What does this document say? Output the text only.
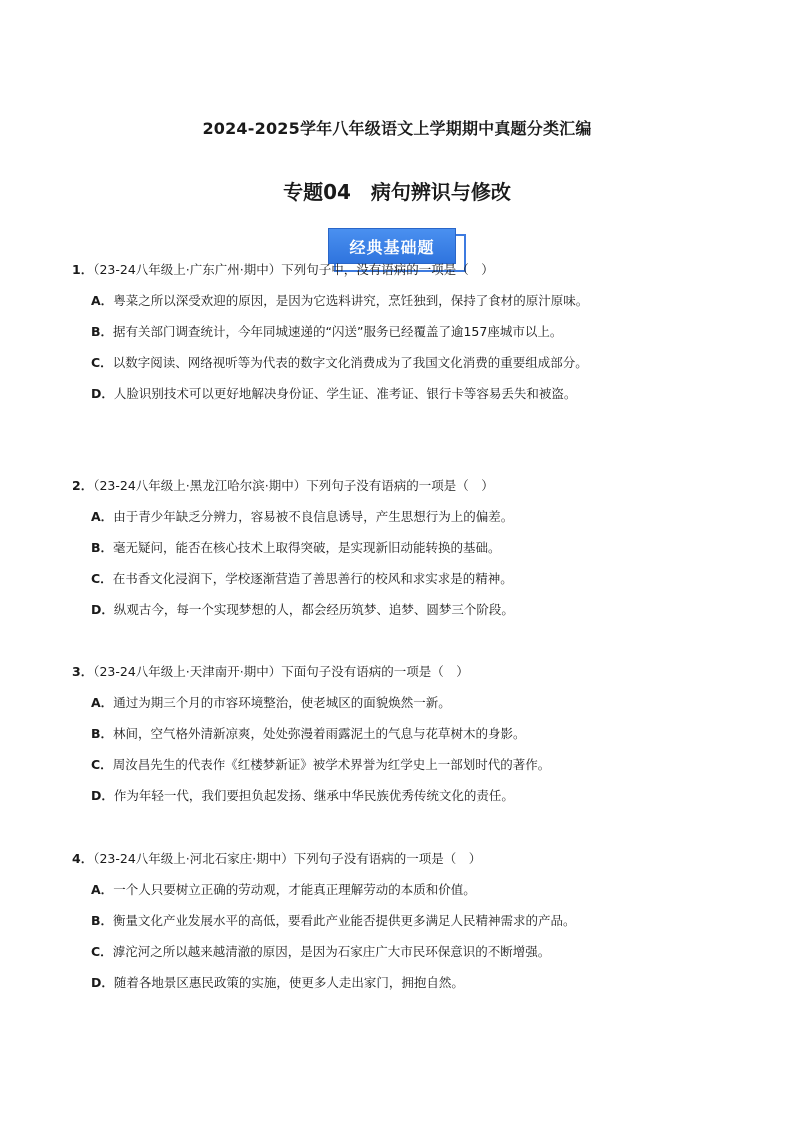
2024-2025学年八年级语文上学期期中真题分类汇编
专题04　病句辨识与修改
经典基础题
1．（23-24八年级上·广东广州·期中）下列句子中，没有语病的一项是（　）
A．粤菜之所以深受欢迎的原因，是因为它选料讲究，烹饪独到，保持了食材的原汁原味。
B．据有关部门调查统计，今年同城速递的“闪送”服务已经覆盖了逾157座城市以上。
C．以数字阅读、网络视听等为代表的数字文化消费成为了我国文化消费的重要组成部分。
D．人脸识别技术可以更好地解决身份证、学生证、准考证、银行卡等容易丢失和被盗。
2．（23-24八年级上·黑龙江哈尔滨·期中）下列句子没有语病的一项是（　）
A．由于青少年缺乏分辨力，容易被不良信息诱导，产生思想行为上的偏差。
B．毫无疑问，能否在核心技术上取得突破，是实现新旧动能转换的基础。
C．在书香文化浸润下，学校逐渐营造了善思善行的校风和求实求是的精神。
D．纵观古今，每一个实现梦想的人，都会经历筑梦、追梦、圆梦三个阶段。
3．（23-24八年级上·天津南开·期中）下面句子没有语病的一项是（　）
A．通过为期三个月的市容环境整治，使老城区的面貌焕然一新。
B．林间，空气格外清新凉爽，处处弥漫着雨露泥土的气息与花草树木的身影。
C．周汝昌先生的代表作《红楼梦新证》被学术界誉为红学史上一部划时代的著作。
D．作为年轻一代，我们要担负起发扬、继承中华民族优秀传统文化的责任。
4．（23-24八年级上·河北石家庄·期中）下列句子没有语病的一项是（　）
A．一个人只要树立正确的劳动观，才能真正理解劳动的本质和价值。
B．衡量文化产业发展水平的高低，要看此产业能否提供更多满足人民精神需求的产品。
C．滹沱河之所以越来越清澈的原因，是因为石家庄广大市民环保意识的不断增强。
D．随着各地景区惠民政策的实施，使更多人走出家门，拥抱自然。
